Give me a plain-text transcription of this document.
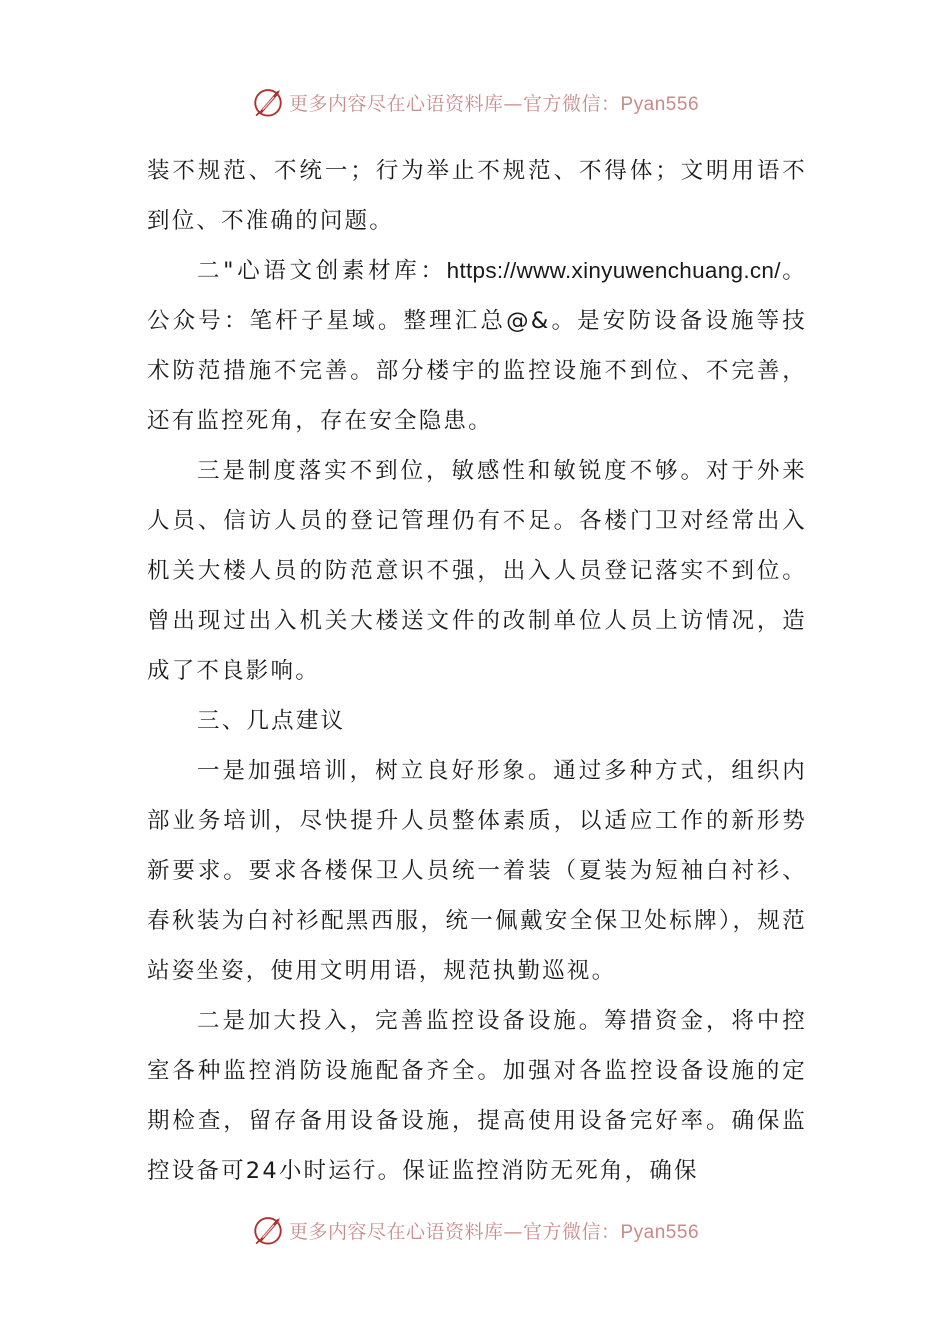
更多内容尽在心语资料库—官方微信：Pyan556

装不规范、不统一；行为举止不规范、不得体；文明用语不到位、不准确的问题。

二"心语文创素材库：https://www.xinyuwenchuang.cn/。公众号：笔杆子星域。整理汇总@&。是安防设备设施等技术防范措施不完善。部分楼宇的监控设施不到位、不完善，还有监控死角，存在安全隐患。

三是制度落实不到位，敏感性和敏锐度不够。对于外来人员、信访人员的登记管理仍有不足。各楼门卫对经常出入机关大楼人员的防范意识不强，出入人员登记落实不到位。曾出现过出入机关大楼送文件的改制单位人员上访情况，造成了不良影响。

三、几点建议

一是加强培训，树立良好形象。通过多种方式，组织内部业务培训，尽快提升人员整体素质，以适应工作的新形势新要求。要求各楼保卫人员统一着装（夏装为短袖白衬衫、春秋装为白衬衫配黑西服，统一佩戴安全保卫处标牌），规范站姿坐姿，使用文明用语，规范执勤巡视。

二是加大投入，完善监控设备设施。筹措资金，将中控室各种监控消防设施配备齐全。加强对各监控设备设施的定期检查，留存备用设备设施，提高使用设备完好率。确保监控设备可24小时运行。保证监控消防无死角，确保

更多内容尽在心语资料库—官方微信：Pyan556
